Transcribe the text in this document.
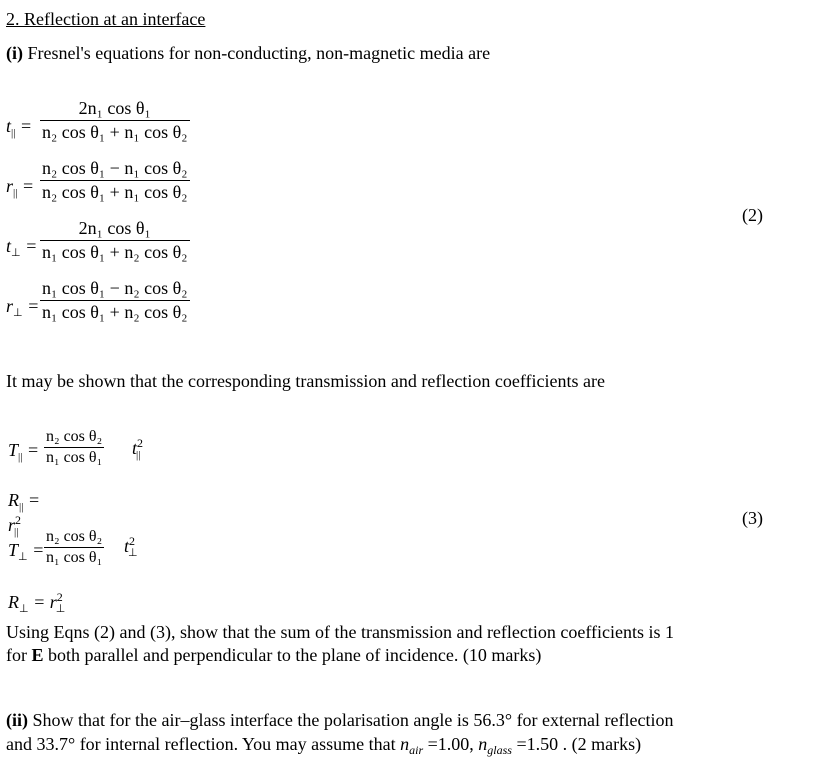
2. Reflection at an interface
(i) Fresnel's equations for non-conducting, non-magnetic media are
$t_{||}$ =
2n₁ cos θ₁
n₂ cos θ₁ + n₁ cos θ₂
$r_{||}$ =
n₂ cos θ₁ − n₁ cos θ₂
n₂ cos θ₁ + n₁ cos θ₂
$t_\perp$ =
2n₁ cos θ₁
n₁ cos θ₁ + n₂ cos θ₂
$r_\perp$ =
n₁ cos θ₁ − n₂ cos θ₂
n₁ cos θ₁ + n₂ cos θ₂
(2)
It may be shown that the corresponding transmission and reflection coefficients are
$T_{||}$ =
n₂ cos θ₂
n₁ cos θ₁ $t^2_{||}$
$R_{||} = r^2_{||}$
$T_\perp$ =
n₂ cos θ₂
n₁ cos θ₁
$t^2_\perp$
$R_\perp = r^2_\perp$
(3)
Using Eqns (2) and (3), show that the sum of the transmission and reflection coefficients is 1
for E both parallel and perpendicular to the plane of incidence. (10 marks)
(ii) Show that for the air–glass interface the polarisation angle is 56.3° for external reflection
and 33.7° for internal reflection. You may assume that $n_{air} =1.00$, $n_{glass} =1.50$ . (2 marks)
